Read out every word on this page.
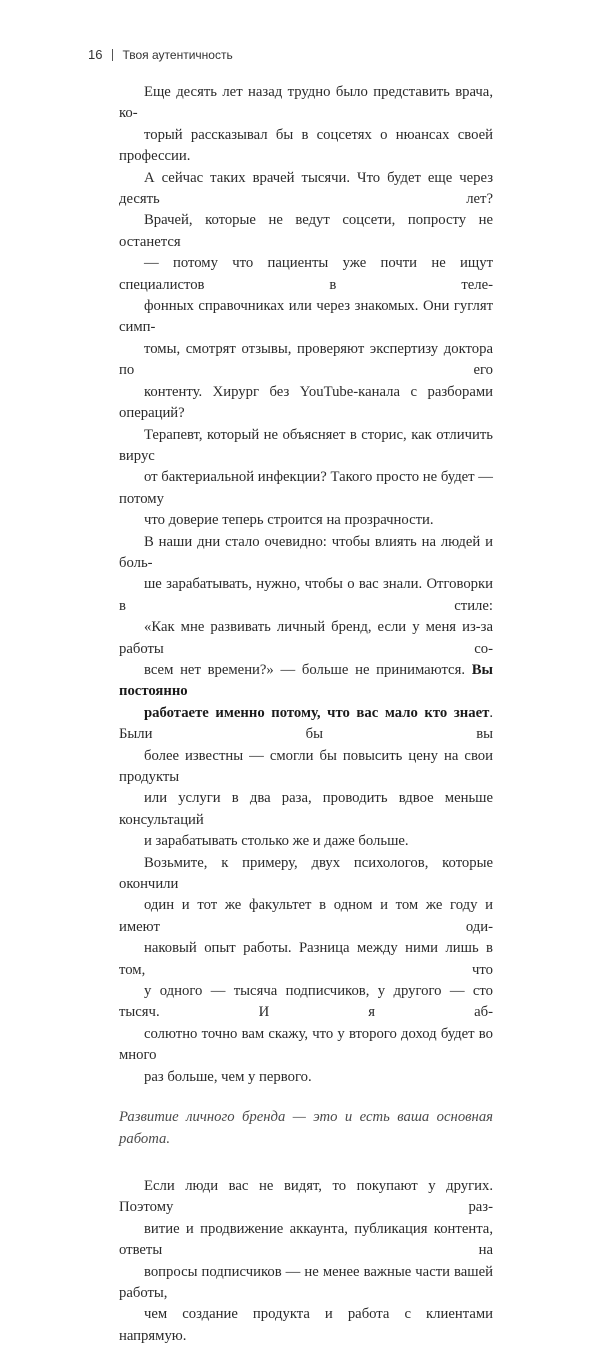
16 Твоя аутентичность

Еще десять лет назад трудно было представить врача, ко-
торый рассказывал бы в соцсетях о нюансах своей профессии.
А сейчас таких врачей тысячи. Что будет еще через десять лет?
Врачей, которые не ведут соцсети, попросту не останется
— потому что пациенты уже почти не ищут специалистов в теле-
фонных справочниках или через знакомых. Они гуглят симп-
томы, смотрят отзывы, проверяют экспертизу доктора по его
контенту. Хирург без YouTube-канала с разборами операций?
Терапевт, который не объясняет в сторис, как отличить вирус
от бактериальной инфекции? Такого просто не будет — потому
что доверие теперь строится на прозрачности.

В наши дни стало очевидно: чтобы влиять на людей и боль-
ше зарабатывать, нужно, чтобы о вас знали. Отговорки в стиле:
«Как мне развивать личный бренд, если у меня из-за работы со-
всем нет времени?» — больше не принимаются. Вы постоянно
работаете именно потому, что вас мало кто знает. Были бы вы
более известны — смогли бы повысить цену на свои продукты
или услуги в два раза, проводить вдвое меньше консультаций
и зарабатывать столько же и даже больше.

Возьмите, к примеру, двух психологов, которые окончили
один и тот же факультет в одном и том же году и имеют оди-
наковый опыт работы. Разница между ними лишь в том, что
у одного — тысяча подписчиков, у другого — сто тысяч. И я аб-
солютно точно вам скажу, что у второго доход будет во много
раз больше, чем у первого.

Развитие личного бренда — это и есть ваша основная
работа.

Если люди вас не видят, то покупают у других. Поэтому раз-
витие и продвижение аккаунта, публикация контента, ответы на
вопросы подписчиков — не менее важные части вашей работы,
чем создание продукта и работа с клиентами напрямую.
